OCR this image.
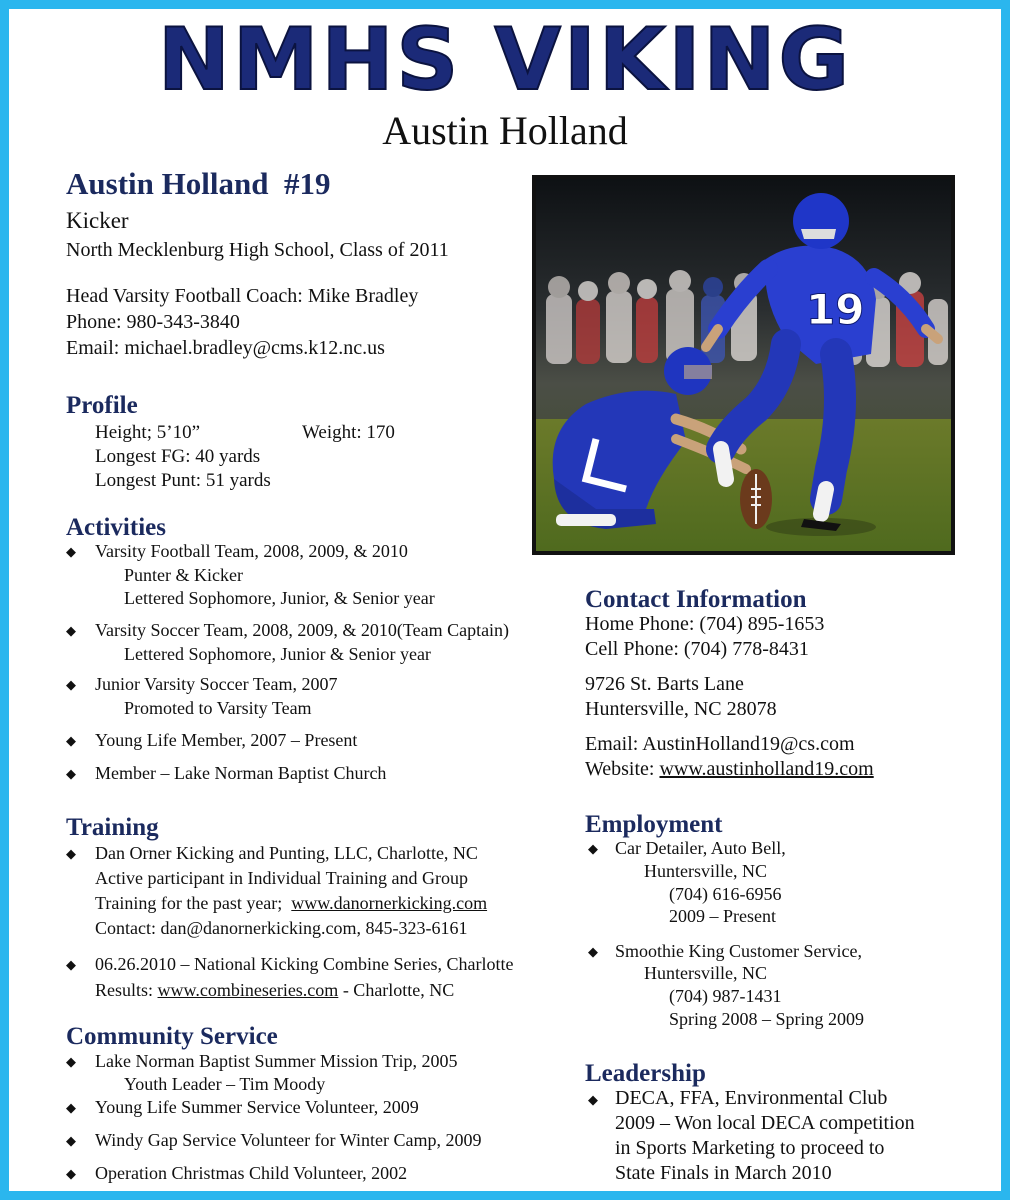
NMHS VIKING
Austin Holland
Austin Holland  #19
Kicker
North Mecklenburg High School, Class of 2011
Head Varsity Football Coach: Mike Bradley
Phone: 980-343-3840
Email: michael.bradley@cms.k12.nc.us
Profile
Height; 5’10”	Weight: 170
Longest FG: 40 yards
Longest Punt: 51 yards
Activities
◆ Varsity Football Team, 2008, 2009, & 2010
Punter & Kicker
Lettered Sophomore, Junior, & Senior year
◆ Varsity Soccer Team, 2008, 2009, & 2010(Team Captain)
Lettered Sophomore, Junior & Senior year
◆ Junior Varsity Soccer Team, 2007
Promoted to Varsity Team
◆ Young Life Member, 2007 – Present
◆ Member – Lake Norman Baptist Church
Training
◆ Dan Orner Kicking and Punting, LLC, Charlotte, NC
Active participant in Individual Training and Group
Training for the past year; www.danornerkicking.com
Contact: dan@danornerkicking.com, 845-323-6161
◆ 06.26.2010 – National Kicking Combine Series, Charlotte
Results: www.combineseries.com - Charlotte, NC
Community Service
◆ Lake Norman Baptist Summer Mission Trip, 2005
Youth Leader – Tim Moody
◆ Young Life Summer Service Volunteer, 2009
◆ Windy Gap Service Volunteer for Winter Camp, 2009
◆ Operation Christmas Child Volunteer, 2002
19
Contact Information
Home Phone: (704) 895-1653
Cell Phone: (704) 778-8431
9726 St. Barts Lane
Huntersville, NC 28078
Email: AustinHolland19@cs.com
Website: www.austinholland19.com
Employment
◆ Car Detailer, Auto Bell,
Huntersville, NC
(704) 616-6956
2009 – Present
◆ Smoothie King Customer Service,
Huntersville, NC
(704) 987-1431
Spring 2008 – Spring 2009
Leadership
◆ DECA, FFA, Environmental Club
2009 – Won local DECA competition
in Sports Marketing to proceed to
State Finals in March 2010
